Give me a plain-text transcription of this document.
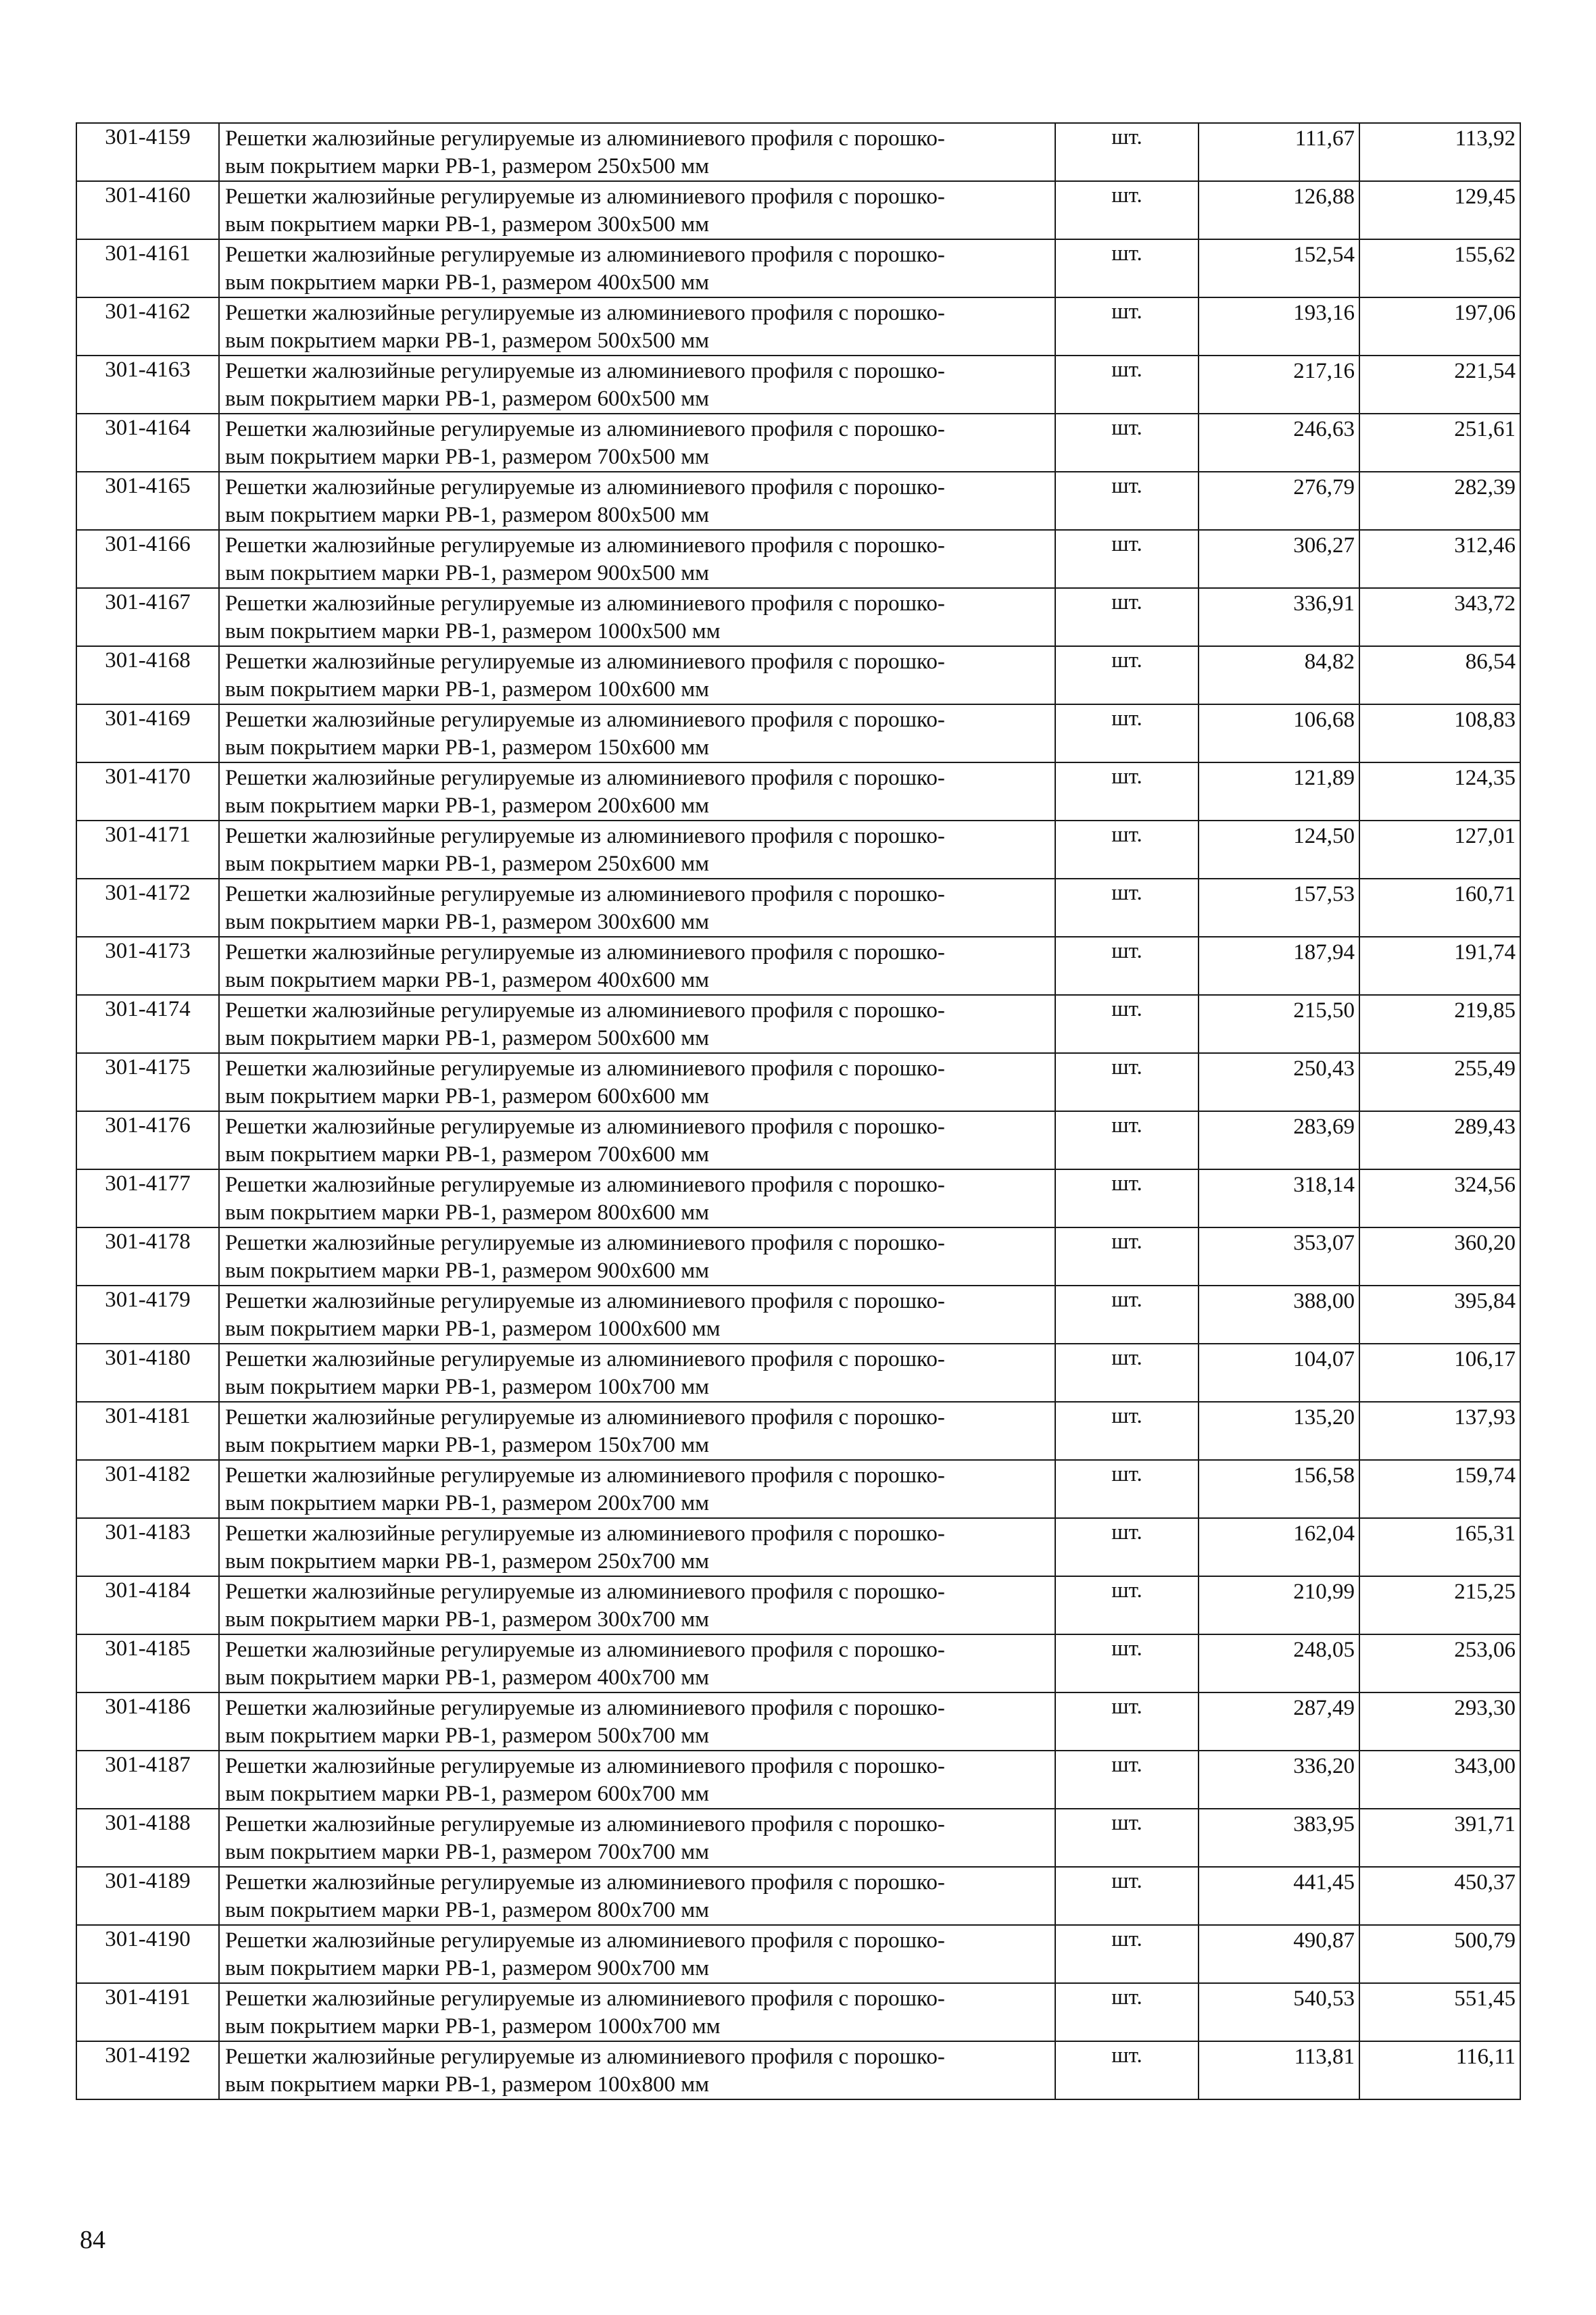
301-4159	Решетки жалюзийные регулируемые из алюминиевого профиля с порошко-
вым покрытием марки РВ-1, размером 250x500 мм	шт.	111,67	113,92
301-4160	Решетки жалюзийные регулируемые из алюминиевого профиля с порошко-
вым покрытием марки РВ-1, размером 300x500 мм	шт.	126,88	129,45
301-4161	Решетки жалюзийные регулируемые из алюминиевого профиля с порошко-
вым покрытием марки РВ-1, размером 400x500 мм	шт.	152,54	155,62
301-4162	Решетки жалюзийные регулируемые из алюминиевого профиля с порошко-
вым покрытием марки РВ-1, размером 500x500 мм	шт.	193,16	197,06
301-4163	Решетки жалюзийные регулируемые из алюминиевого профиля с порошко-
вым покрытием марки РВ-1, размером 600x500 мм	шт.	217,16	221,54
301-4164	Решетки жалюзийные регулируемые из алюминиевого профиля с порошко-
вым покрытием марки РВ-1, размером 700x500 мм	шт.	246,63	251,61
301-4165	Решетки жалюзийные регулируемые из алюминиевого профиля с порошко-
вым покрытием марки РВ-1, размером 800x500 мм	шт.	276,79	282,39
301-4166	Решетки жалюзийные регулируемые из алюминиевого профиля с порошко-
вым покрытием марки РВ-1, размером 900x500 мм	шт.	306,27	312,46
301-4167	Решетки жалюзийные регулируемые из алюминиевого профиля с порошко-
вым покрытием марки РВ-1, размером 1000x500 мм	шт.	336,91	343,72
301-4168	Решетки жалюзийные регулируемые из алюминиевого профиля с порошко-
вым покрытием марки РВ-1, размером 100x600 мм	шт.	84,82	86,54
301-4169	Решетки жалюзийные регулируемые из алюминиевого профиля с порошко-
вым покрытием марки РВ-1, размером 150x600 мм	шт.	106,68	108,83
301-4170	Решетки жалюзийные регулируемые из алюминиевого профиля с порошко-
вым покрытием марки РВ-1, размером 200x600 мм	шт.	121,89	124,35
301-4171	Решетки жалюзийные регулируемые из алюминиевого профиля с порошко-
вым покрытием марки РВ-1, размером 250x600 мм	шт.	124,50	127,01
301-4172	Решетки жалюзийные регулируемые из алюминиевого профиля с порошко-
вым покрытием марки РВ-1, размером 300x600 мм	шт.	157,53	160,71
301-4173	Решетки жалюзийные регулируемые из алюминиевого профиля с порошко-
вым покрытием марки РВ-1, размером 400x600 мм	шт.	187,94	191,74
301-4174	Решетки жалюзийные регулируемые из алюминиевого профиля с порошко-
вым покрытием марки РВ-1, размером 500x600 мм	шт.	215,50	219,85
301-4175	Решетки жалюзийные регулируемые из алюминиевого профиля с порошко-
вым покрытием марки РВ-1, размером 600x600 мм	шт.	250,43	255,49
301-4176	Решетки жалюзийные регулируемые из алюминиевого профиля с порошко-
вым покрытием марки РВ-1, размером 700x600 мм	шт.	283,69	289,43
301-4177	Решетки жалюзийные регулируемые из алюминиевого профиля с порошко-
вым покрытием марки РВ-1, размером 800x600 мм	шт.	318,14	324,56
301-4178	Решетки жалюзийные регулируемые из алюминиевого профиля с порошко-
вым покрытием марки РВ-1, размером 900x600 мм	шт.	353,07	360,20
301-4179	Решетки жалюзийные регулируемые из алюминиевого профиля с порошко-
вым покрытием марки РВ-1, размером 1000x600 мм	шт.	388,00	395,84
301-4180	Решетки жалюзийные регулируемые из алюминиевого профиля с порошко-
вым покрытием марки РВ-1, размером 100x700 мм	шт.	104,07	106,17
301-4181	Решетки жалюзийные регулируемые из алюминиевого профиля с порошко-
вым покрытием марки РВ-1, размером 150x700 мм	шт.	135,20	137,93
301-4182	Решетки жалюзийные регулируемые из алюминиевого профиля с порошко-
вым покрытием марки РВ-1, размером 200x700 мм	шт.	156,58	159,74
301-4183	Решетки жалюзийные регулируемые из алюминиевого профиля с порошко-
вым покрытием марки РВ-1, размером 250x700 мм	шт.	162,04	165,31
301-4184	Решетки жалюзийные регулируемые из алюминиевого профиля с порошко-
вым покрытием марки РВ-1, размером 300x700 мм	шт.	210,99	215,25
301-4185	Решетки жалюзийные регулируемые из алюминиевого профиля с порошко-
вым покрытием марки РВ-1, размером 400x700 мм	шт.	248,05	253,06
301-4186	Решетки жалюзийные регулируемые из алюминиевого профиля с порошко-
вым покрытием марки РВ-1, размером 500x700 мм	шт.	287,49	293,30
301-4187	Решетки жалюзийные регулируемые из алюминиевого профиля с порошко-
вым покрытием марки РВ-1, размером 600x700 мм	шт.	336,20	343,00
301-4188	Решетки жалюзийные регулируемые из алюминиевого профиля с порошко-
вым покрытием марки РВ-1, размером 700x700 мм	шт.	383,95	391,71
301-4189	Решетки жалюзийные регулируемые из алюминиевого профиля с порошко-
вым покрытием марки РВ-1, размером 800x700 мм	шт.	441,45	450,37
301-4190	Решетки жалюзийные регулируемые из алюминиевого профиля с порошко-
вым покрытием марки РВ-1, размером 900x700 мм	шт.	490,87	500,79
301-4191	Решетки жалюзийные регулируемые из алюминиевого профиля с порошко-
вым покрытием марки РВ-1, размером 1000x700 мм	шт.	540,53	551,45
301-4192	Решетки жалюзийные регулируемые из алюминиевого профиля с порошко-
вым покрытием марки РВ-1, размером 100x800 мм	шт.	113,81	116,11
84
